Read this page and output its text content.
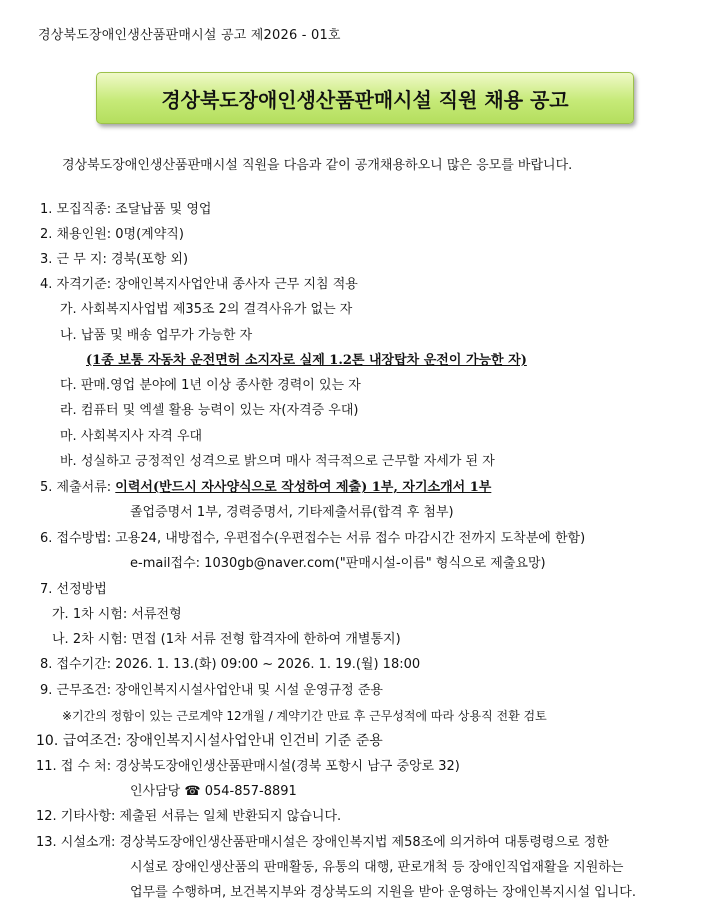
경상북도장애인생산품판매시설 공고 제2026 - 01호
경상북도장애인생산품판매시설 직원 채용 공고
경상북도장애인생산품판매시설 직원을 다음과 같이 공개채용하오니 많은 응모를 바랍니다.
1. 모집직종: 조달납품 및 영업
2. 채용인원: 0명(계약직)
3. 근 무 지: 경북(포항 외)
4. 자격기준: 장애인복지사업안내 종사자 근무 지침 적용
가. 사회복지사업법 제35조 2의 결격사유가 없는 자
나. 납품 및 배송 업무가 가능한 자
(1종 보통 자동차 운전면허 소지자로 실제 1.2톤 내장탑차 운전이 가능한 자)
다. 판매.영업 분야에 1년 이상 종사한 경력이 있는 자
라. 컴퓨터 및 엑셀 활용 능력이 있는 자(자격증 우대)
마. 사회복지사 자격 우대
바. 성실하고 긍정적인 성격으로 밝으며 매사 적극적으로 근무할 자세가 된 자
5. 제출서류: 이력서(반드시 자사양식으로 작성하여 제출) 1부, 자기소개서 1부
졸업증명서 1부, 경력증명서, 기타제출서류(합격 후 첨부)
6. 접수방법: 고용24, 내방접수, 우편접수(우편접수는 서류 접수 마감시간 전까지 도착분에 한함)
e-mail접수: 1030gb@naver.com("판매시설-이름" 형식으로 제출요망)
7. 선정방법
가. 1차 시험: 서류전형
나. 2차 시험: 면접 (1차 서류 전형 합격자에 한하여 개별통지)
8. 접수기간: 2026. 1. 13.(화) 09:00 ~ 2026. 1. 19.(월) 18:00
9. 근무조건: 장애인복지시설사업안내 및 시설 운영규정 준용
※기간의 정함이 있는 근로계약 12개월 / 계약기간 만료 후 근무성적에 따라 상용직 전환 검토
10. 급여조건: 장애인복지시설사업안내 인건비 기준 준용
11. 접 수 처: 경상북도장애인생산품판매시설(경북 포항시 남구 중앙로 32)
인사담당 ☎ 054-857-8891
12. 기타사항: 제출된 서류는 일체 반환되지 않습니다.
13. 시설소개: 경상북도장애인생산품판매시설은 장애인복지법 제58조에 의거하여 대통령령으로 정한
시설로 장애인생산품의 판매활동, 유통의 대행, 판로개척 등 장애인직업재활을 지원하는
업무를 수행하며, 보건복지부와 경상북도의 지원을 받아 운영하는 장애인복지시설 입니다.
